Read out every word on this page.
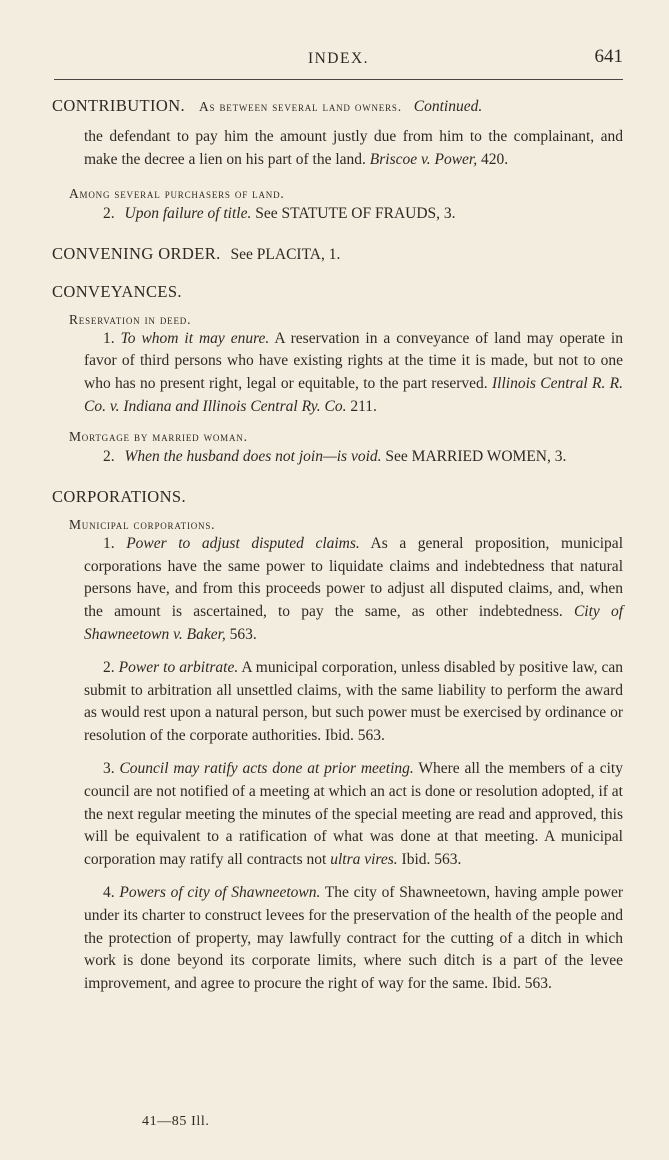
INDEX.	641

CONTRIBUTION. As between several land owners. Continued.

the defendant to pay him the amount justly due from him to the complainant, and make the decree a lien on his part of the land. Briscoe v. Power, 420.

Among several purchasers of land.

2. Upon failure of title. See STATUTE OF FRAUDS, 3.

CONVENING ORDER. See PLACITA, 1.

CONVEYANCES.

Reservation in deed.

1. To whom it may enure. A reservation in a conveyance of land may operate in favor of third persons who have existing rights at the time it is made, but not to one who has no present right, legal or equitable, to the part reserved. Illinois Central R. R. Co. v. Indiana and Illinois Central Ry. Co. 211.

Mortgage by married woman.

2. When the husband does not join—is void. See MARRIED WOMEN, 3.

CORPORATIONS.

Municipal corporations.

1. Power to adjust disputed claims. As a general proposition, municipal corporations have the same power to liquidate claims and indebtedness that natural persons have, and from this proceeds power to adjust all disputed claims, and, when the amount is ascertained, to pay the same, as other indebtedness. City of Shawneetown v. Baker, 563.

2. Power to arbitrate. A municipal corporation, unless disabled by positive law, can submit to arbitration all unsettled claims, with the same liability to perform the award as would rest upon a natural person, but such power must be exercised by ordinance or resolution of the corporate authorities. Ibid. 563.

3. Council may ratify acts done at prior meeting. Where all the members of a city council are not notified of a meeting at which an act is done or resolution adopted, if at the next regular meeting the minutes of the special meeting are read and approved, this will be equivalent to a ratification of what was done at that meeting. A municipal corporation may ratify all contracts not ultra vires. Ibid. 563.

4. Powers of city of Shawneetown. The city of Shawneetown, having ample power under its charter to construct levees for the preservation of the health of the people and the protection of property, may lawfully contract for the cutting of a ditch in which work is done beyond its corporate limits, where such ditch is a part of the levee improvement, and agree to procure the right of way for the same. Ibid. 563.

41—85 Ill.
